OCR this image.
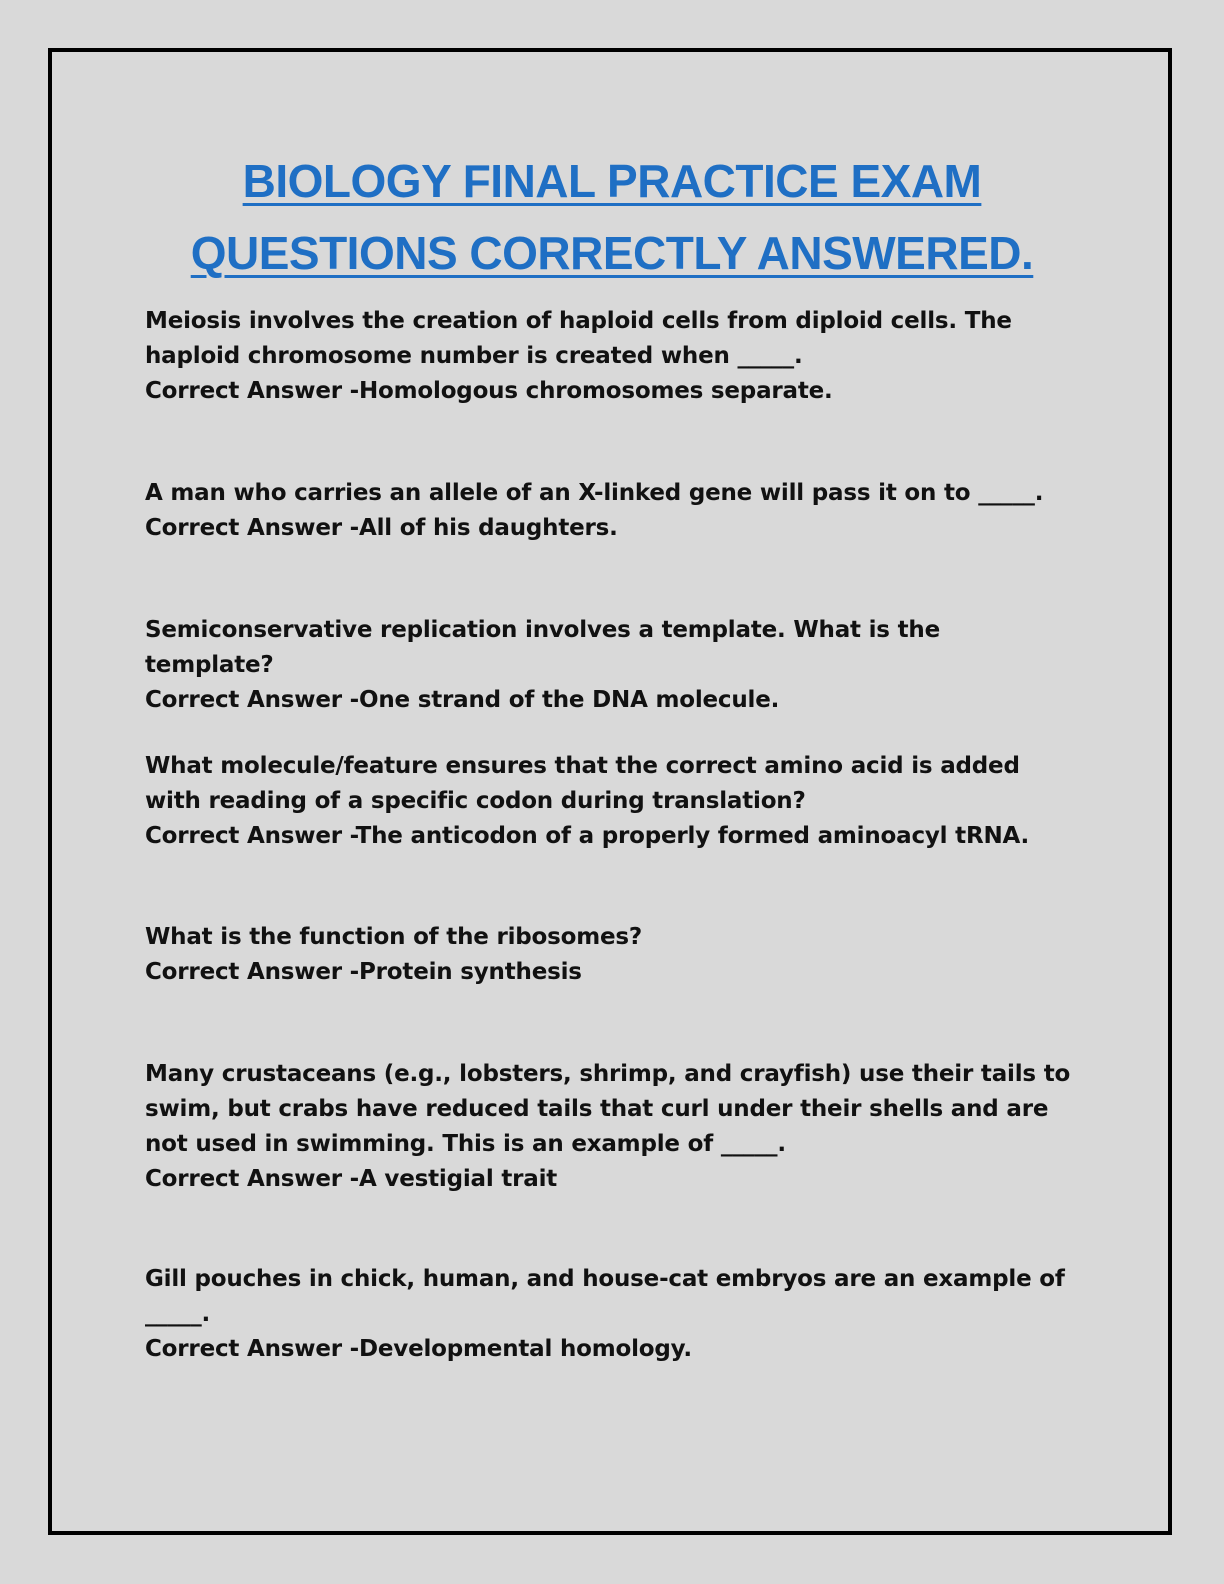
BIOLOGY FINAL PRACTICE EXAM
QUESTIONS CORRECTLY ANSWERED.

Meiosis involves the creation of haploid cells from diploid cells. The haploid chromosome number is created when _____.

Correct Answer -Homologous chromosomes separate.

A man who carries an allele of an X-linked gene will pass it on to _____.

Correct Answer -All of his daughters.

Semiconservative replication involves a template. What is the template?

Correct Answer -One strand of the DNA molecule.

What molecule/feature ensures that the correct amino acid is added with reading of a specific codon during translation?

Correct Answer -The anticodon of a properly formed aminoacyl tRNA.

What is the function of the ribosomes?

Correct Answer -Protein synthesis

Many crustaceans (e.g., lobsters, shrimp, and crayfish) use their tails to swim, but crabs have reduced tails that curl under their shells and are not used in swimming. This is an example of _____.

Correct Answer -A vestigial trait

Gill pouches in chick, human, and house-cat embryos are an example of _____.

Correct Answer -Developmental homology.
